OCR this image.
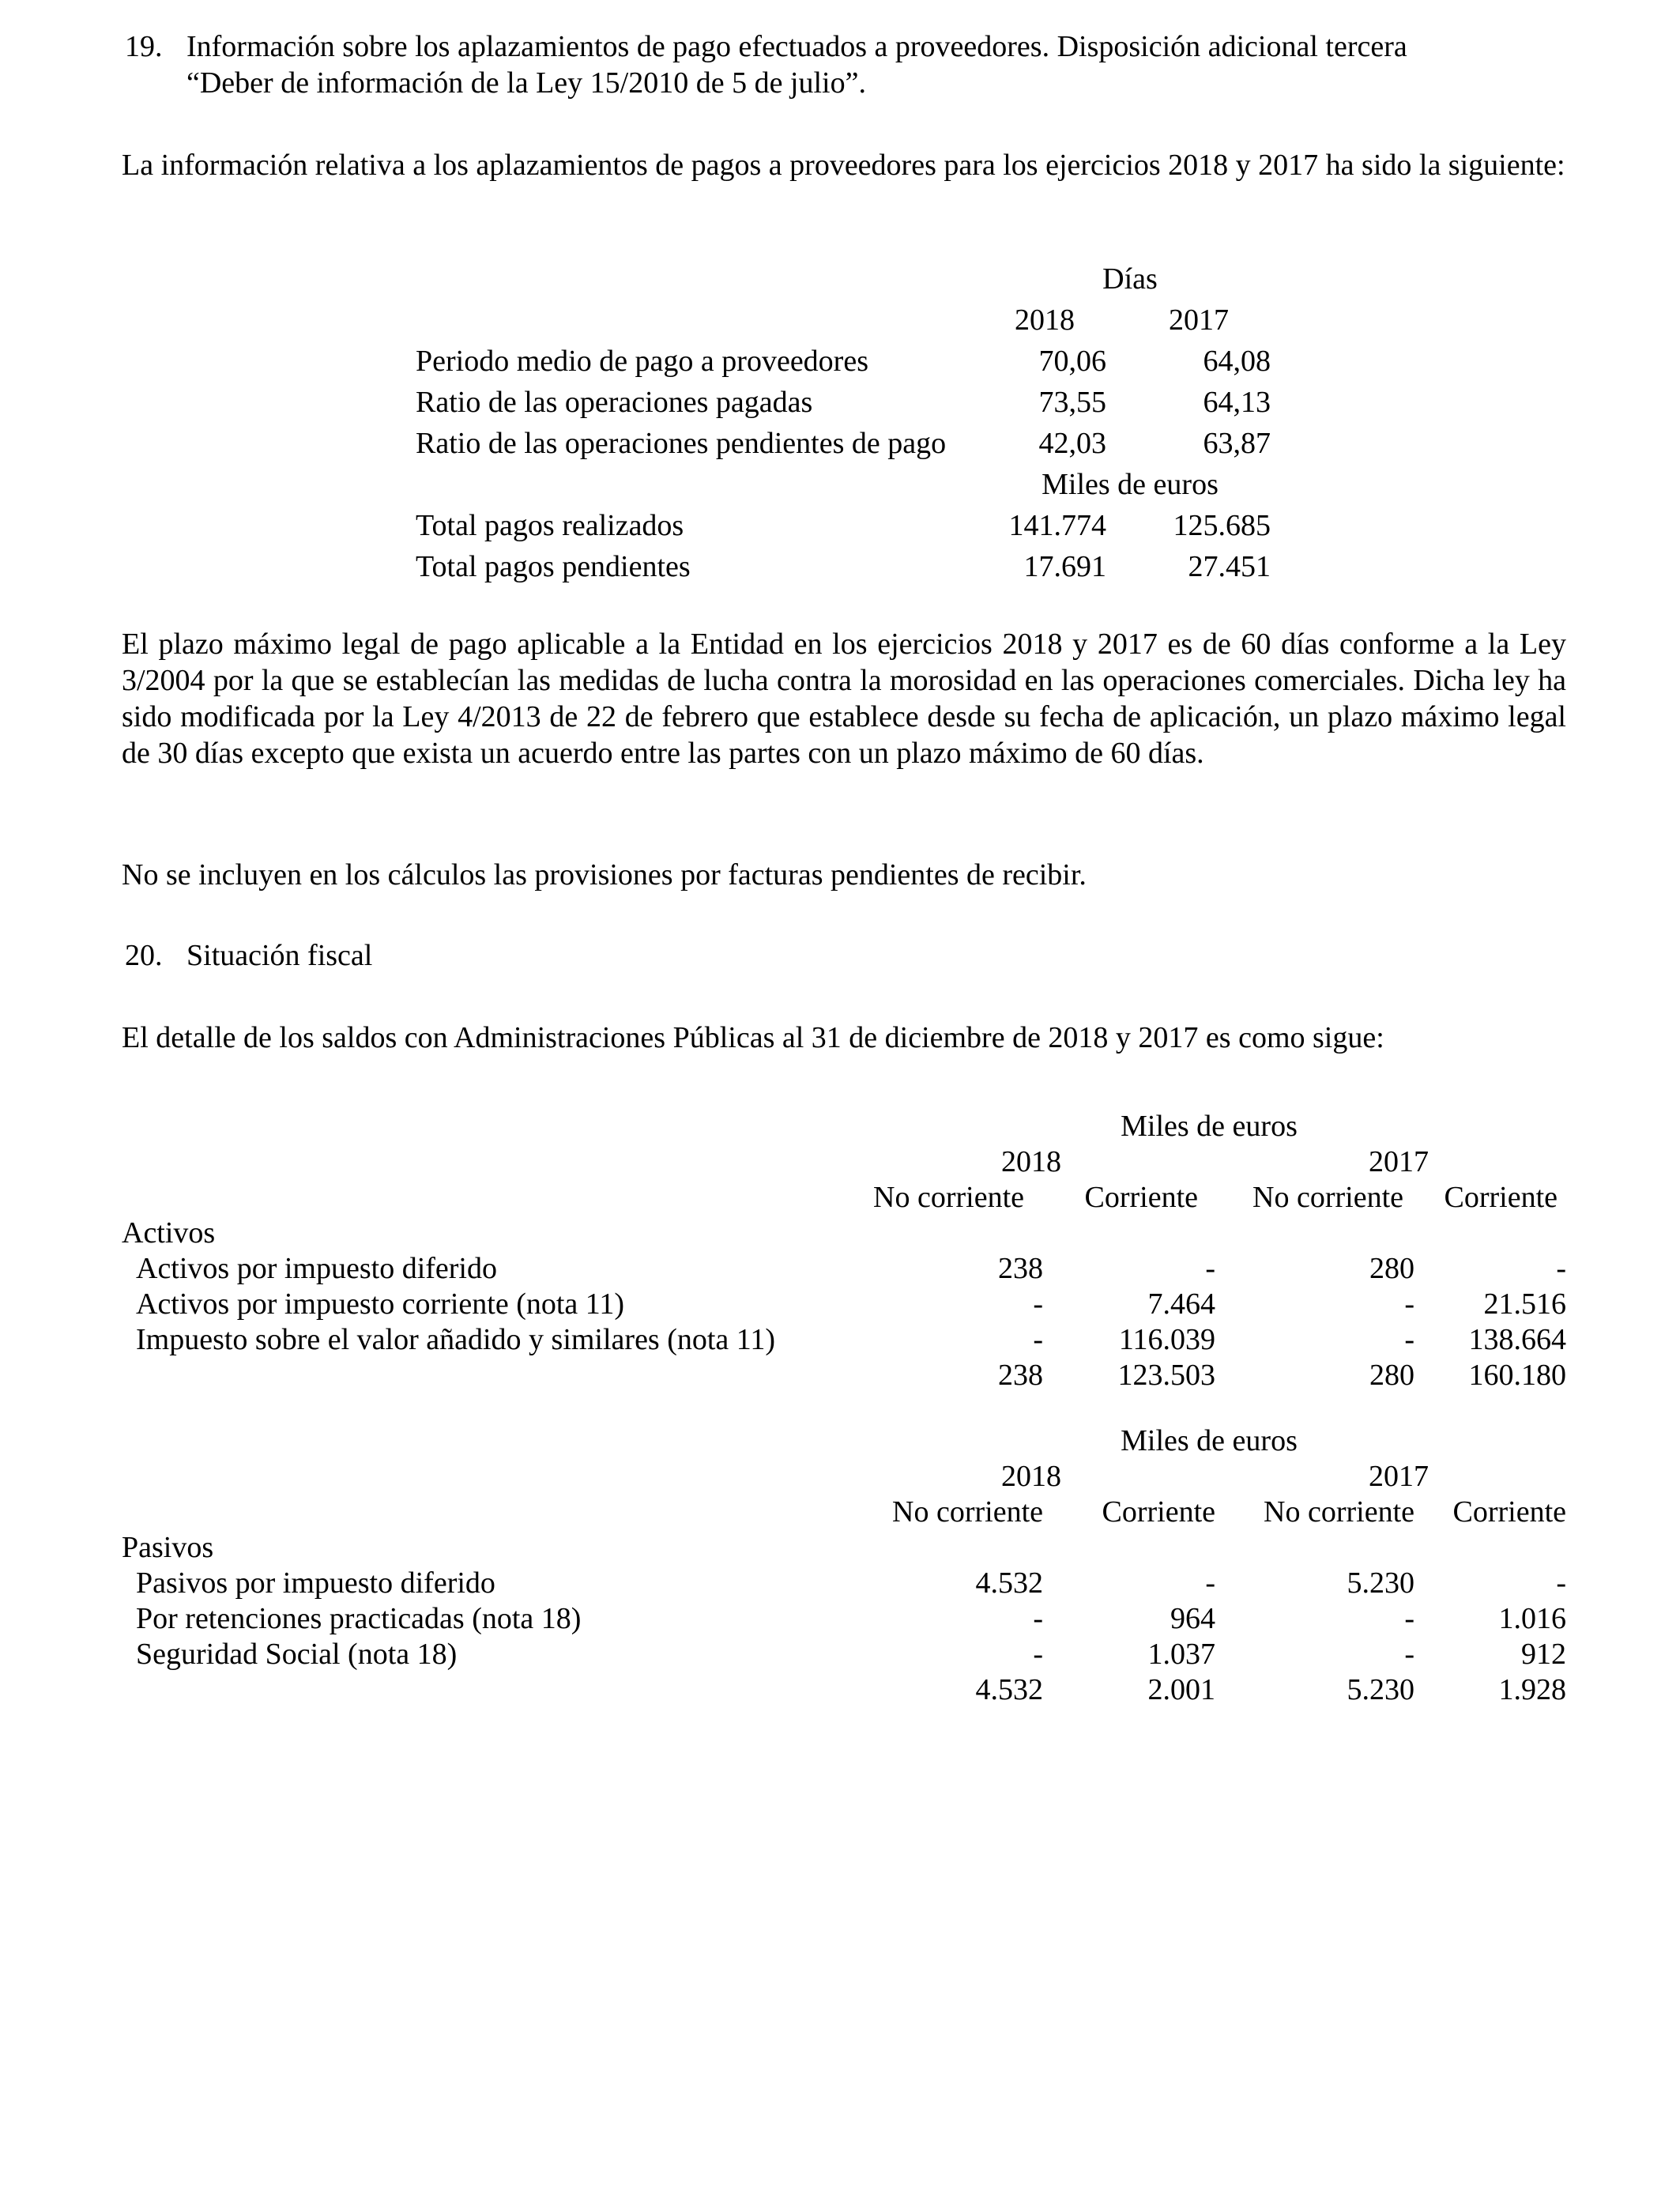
19. Información sobre los aplazamientos de pago efectuados a proveedores. Disposición adicional tercera
“Deber de información de la Ley 15/2010 de 5 de julio”.
La información relativa a los aplazamientos de pagos a proveedores para los ejercicios 2018 y 2017 ha sido la siguiente:
Días
2018	2017
Periodo medio de pago a proveedores	70,06	64,08
Ratio de las operaciones pagadas	73,55	64,13
Ratio de las operaciones pendientes de pago	42,03	63,87
Miles de euros
Total pagos realizados	141.774	125.685
Total pagos pendientes	17.691	27.451
El plazo máximo legal de pago aplicable a la Entidad en los ejercicios 2018 y 2017 es de 60 días conforme a la Ley 3/2004 por la que se establecían las medidas de lucha contra la morosidad en las operaciones comerciales. Dicha ley ha sido modificada por la Ley 4/2013 de 22 de febrero que establece desde su fecha de aplicación, un plazo máximo legal de 30 días excepto que exista un acuerdo entre las partes con un plazo máximo de 60 días.
No se incluyen en los cálculos las provisiones por facturas pendientes de recibir.
20. Situación fiscal
El detalle de los saldos con Administraciones Públicas al 31 de diciembre de 2018 y 2017 es como sigue:
Miles de euros
2018	2017
No corriente	Corriente	No corriente	Corriente
Activos
Activos por impuesto diferido	238	-	280	-
Activos por impuesto corriente (nota 11)	-	7.464	-	21.516
Impuesto sobre el valor añadido y similares (nota 11)	-	116.039	-	138.664
238	123.503	280	160.180
Miles de euros
2018	2017
No corriente	Corriente	No corriente	Corriente
Pasivos
Pasivos por impuesto diferido	4.532	-	5.230	-
Por retenciones practicadas (nota 18)	-	964	-	1.016
Seguridad Social (nota 18)	-	1.037	-	912
4.532	2.001	5.230	1.928
